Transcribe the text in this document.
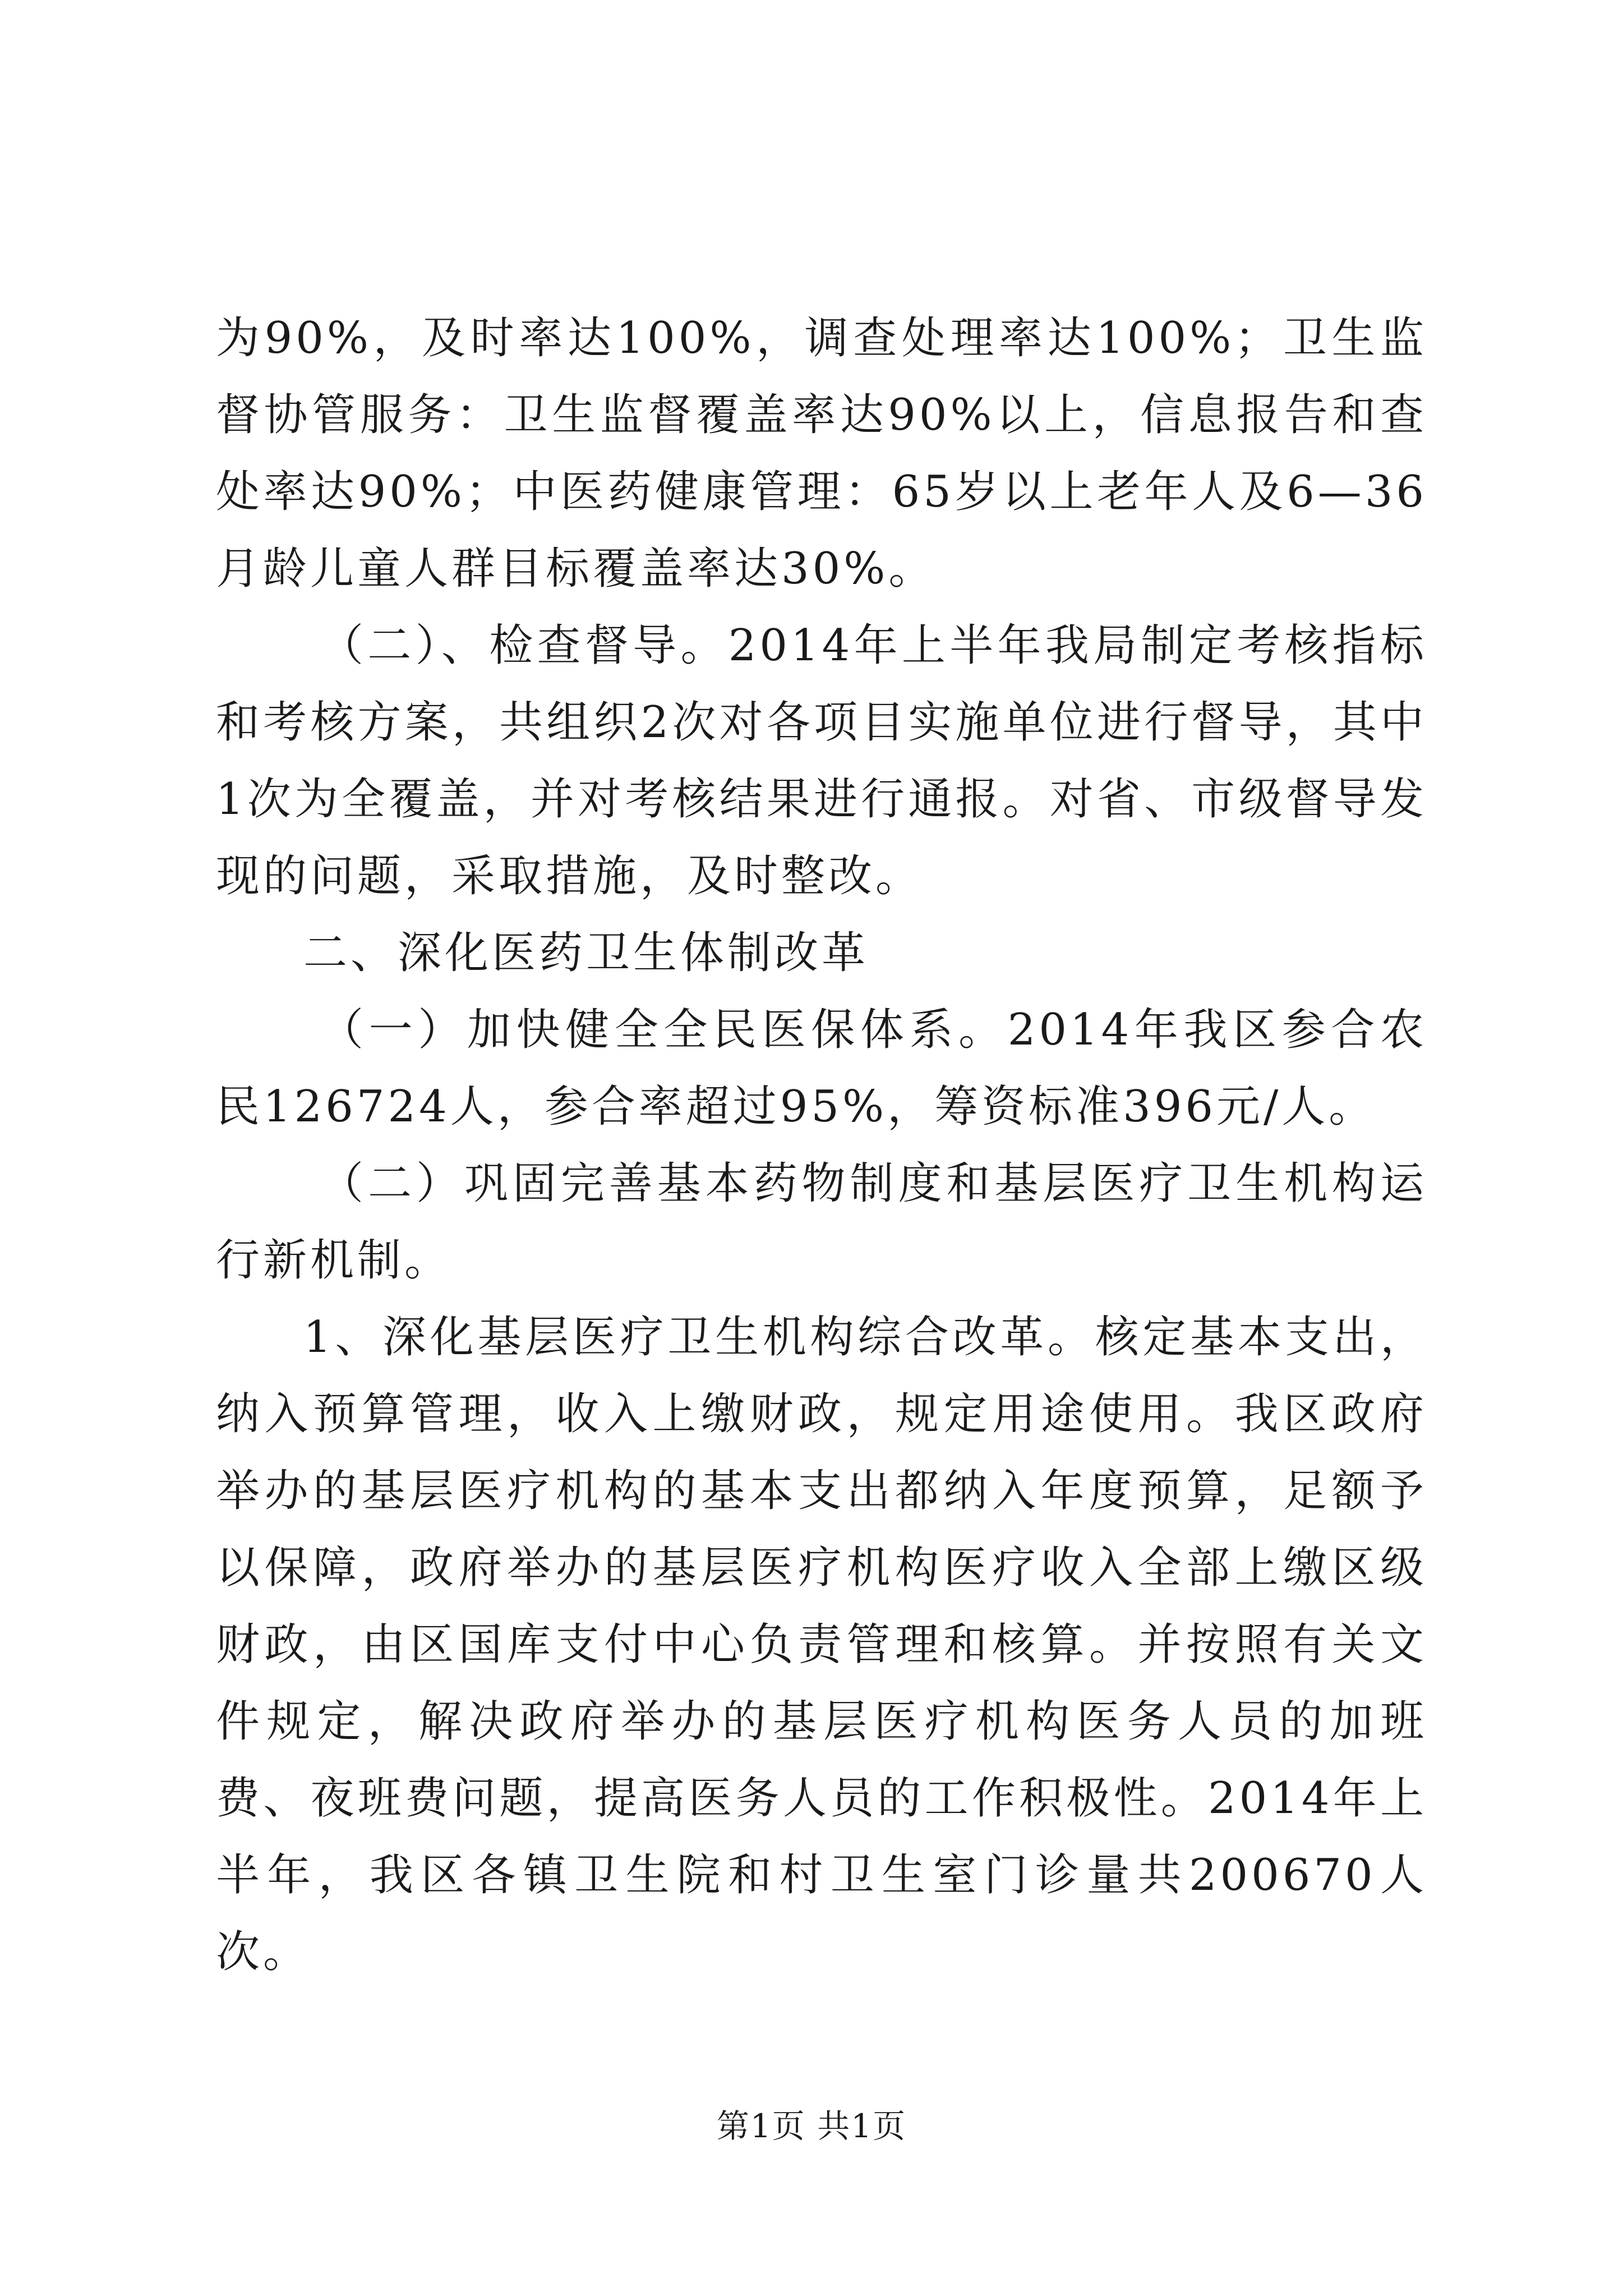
为90%，及时率达100%，调查处理率达100%；卫生监督协管服务：卫生监督覆盖率达90%以上，信息报告和查处率达90%；中医药健康管理：65岁以上老年人及6—36月龄儿童人群目标覆盖率达30%。

（二）、检查督导。2014年上半年我局制定考核指标和考核方案，共组织2次对各项目实施单位进行督导，其中1次为全覆盖，并对考核结果进行通报。对省、市级督导发现的问题，采取措施，及时整改。

二、深化医药卫生体制改革

（一）加快健全全民医保体系。2014年我区参合农民126724人，参合率超过95%，筹资标准396元/人。

（二）巩固完善基本药物制度和基层医疗卫生机构运行新机制。

1、深化基层医疗卫生机构综合改革。核定基本支出，纳入预算管理，收入上缴财政，规定用途使用。我区政府举办的基层医疗机构的基本支出都纳入年度预算，足额予以保障，政府举办的基层医疗机构医疗收入全部上缴区级财政，由区国库支付中心负责管理和核算。并按照有关文件规定，解决政府举办的基层医疗机构医务人员的加班费、夜班费问题，提高医务人员的工作积极性。2014年上半年，我区各镇卫生院和村卫生室门诊量共200670人次。

第1页 共1页
